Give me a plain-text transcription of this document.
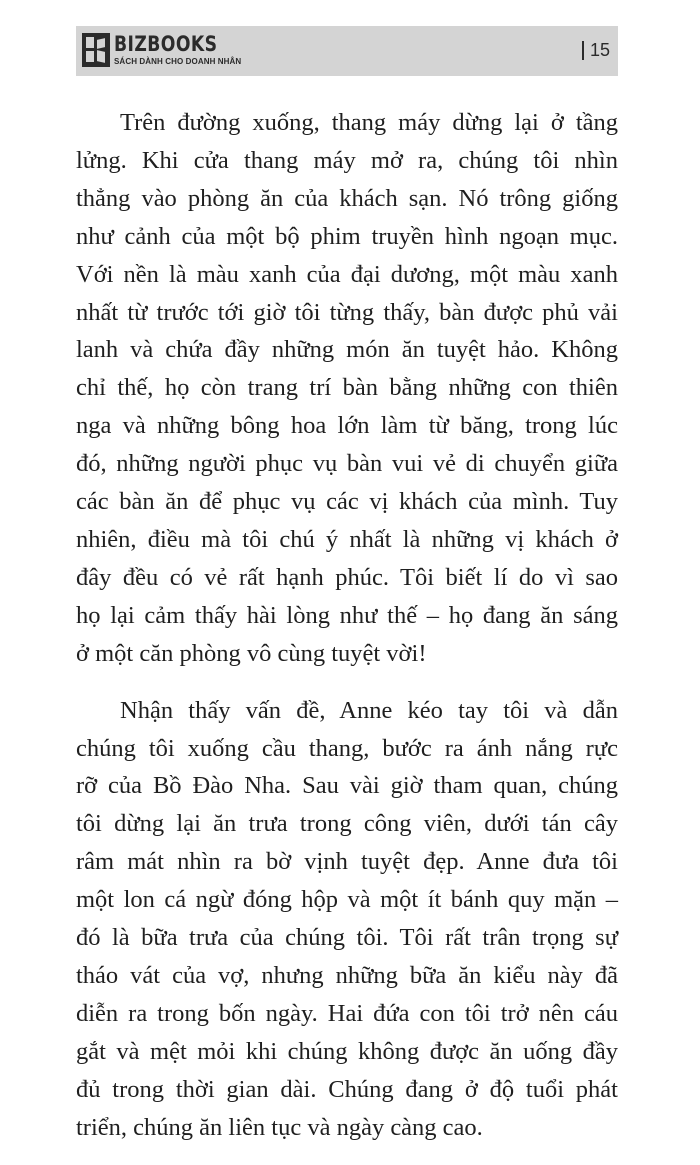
BIZBOOKS
SÁCH DÀNH CHO DOANH NHÂN
15
Trên đường xuống, thang máy dừng lại ở tầng
lửng. Khi cửa thang máy mở ra, chúng tôi nhìn
thẳng vào phòng ăn của khách sạn. Nó trông giống
như cảnh của một bộ phim truyền hình ngoạn mục.
Với nền là màu xanh của đại dương, một màu xanh
nhất từ trước tới giờ tôi từng thấy, bàn được phủ vải
lanh và chứa đầy những món ăn tuyệt hảo. Không
chỉ thế, họ còn trang trí bàn bằng những con thiên
nga và những bông hoa lớn làm từ băng, trong lúc
đó, những người phục vụ bàn vui vẻ di chuyển giữa
các bàn ăn để phục vụ các vị khách của mình. Tuy
nhiên, điều mà tôi chú ý nhất là những vị khách ở
đây đều có vẻ rất hạnh phúc. Tôi biết lí do vì sao
họ lại cảm thấy hài lòng như thế – họ đang ăn sáng
ở một căn phòng vô cùng tuyệt vời!
Nhận thấy vấn đề, Anne kéo tay tôi và dẫn
chúng tôi xuống cầu thang, bước ra ánh nắng rực
rỡ của Bồ Đào Nha. Sau vài giờ tham quan, chúng
tôi dừng lại ăn trưa trong công viên, dưới tán cây
râm mát nhìn ra bờ vịnh tuyệt đẹp. Anne đưa tôi
một lon cá ngừ đóng hộp và một ít bánh quy mặn –
đó là bữa trưa của chúng tôi. Tôi rất trân trọng sự
tháo vát của vợ, nhưng những bữa ăn kiểu này đã
diễn ra trong bốn ngày. Hai đứa con tôi trở nên cáu
gắt và mệt mỏi khi chúng không được ăn uống đầy
đủ trong thời gian dài. Chúng đang ở độ tuổi phát
triển, chúng ăn liên tục và ngày càng cao.
